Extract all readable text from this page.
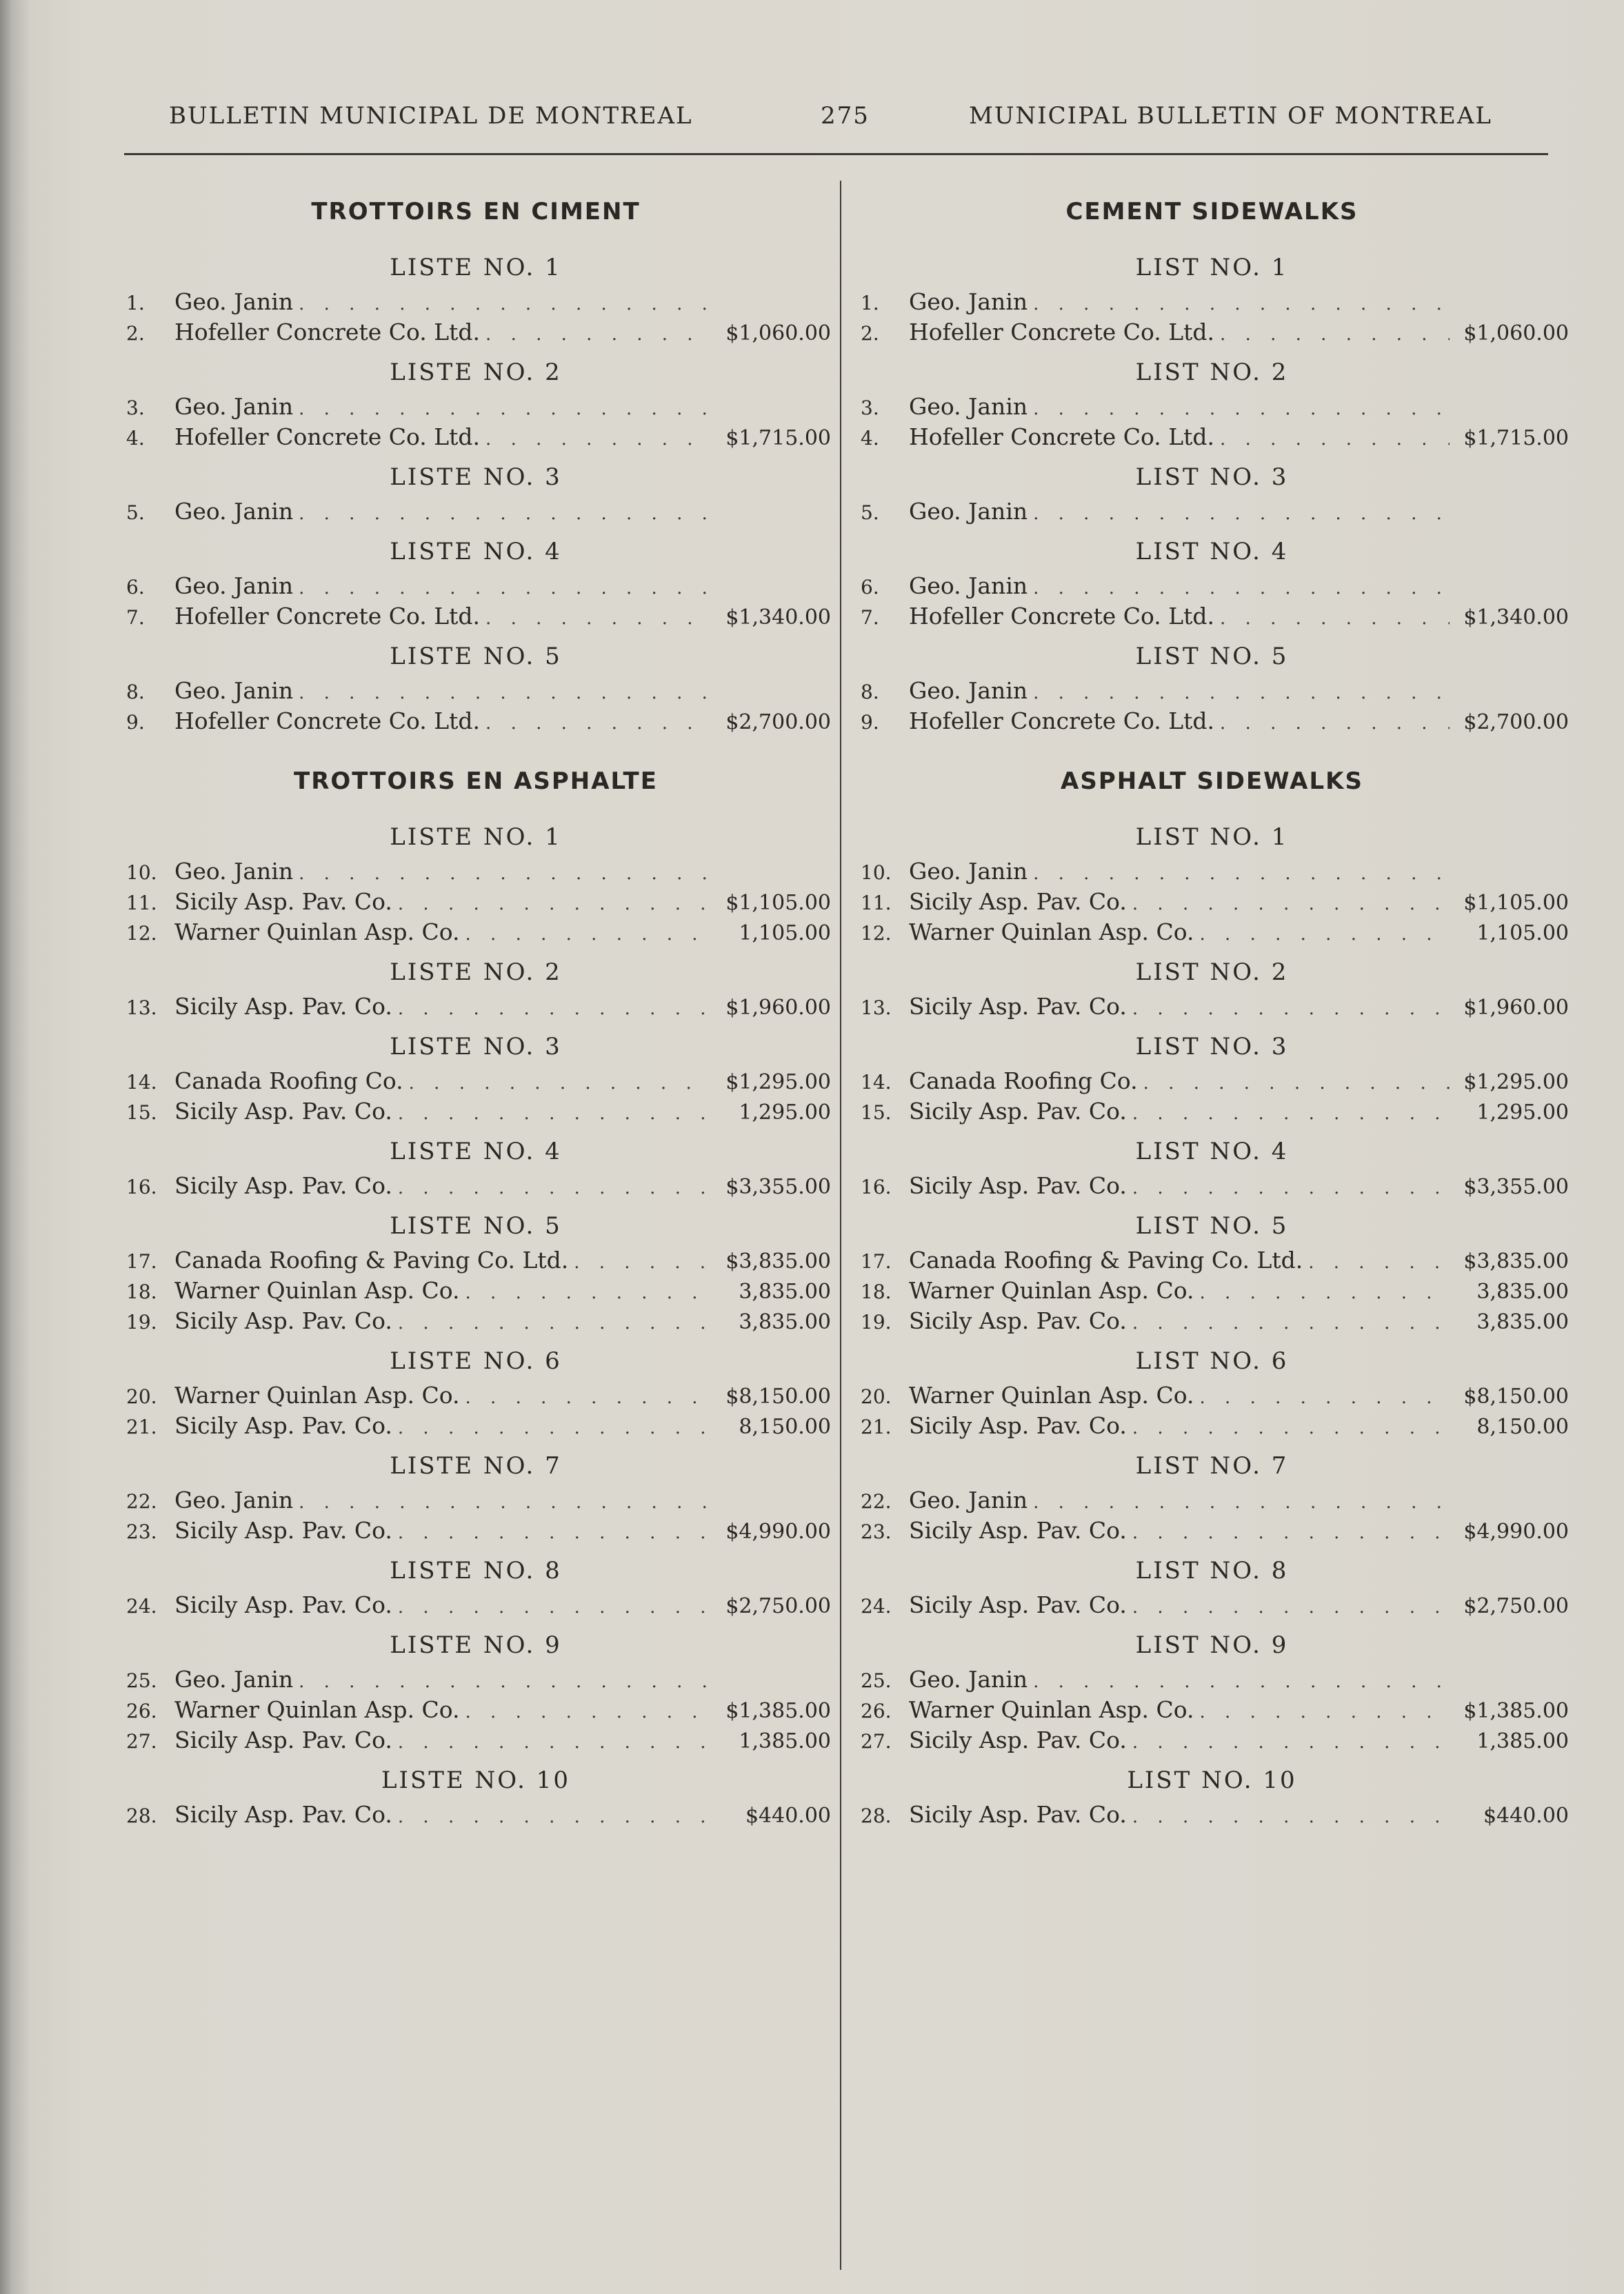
BULLETIN MUNICIPAL DE MONTREAL	275	MUNICIPAL BULLETIN OF MONTREAL
TROTTOIRS EN CIMENT
LISTE NO. 1
1.	Geo. Janin
. . .
2.	Hofeller Concrete Co. Ltd. . . .	$1,060.00
LISTE NO. 2
3.	Geo. Janin
. . .
4.	Hofeller Concrete Co. Ltd. . . .	$1,715.00
LISTE NO. 3
5.	Geo. Janin
. . .
LISTE NO. 4
6.	Geo. Janin
. . .
7.	Hofeller Concrete Co. Ltd. . . .	$1,340.00
LISTE NO. 5
8.	Geo. Janin
. . .
9.	Hofeller Concrete Co. Ltd. . . .	$2,700.00
TROTTOIRS EN ASPHALTE
LISTE NO. 1
10. Geo. Janin
. . .
11. Sicily Asp. Pav. Co. . . .	$1,105.00
12. Warner Quinlan Asp. Co. . . .	1,105.00
LISTE NO. 2
13. Sicily Asp. Pav. Co. . . .	$1,960.00
LISTE NO. 3
14. Canada Roofing Co. . . .	$1,295.00
15. Sicily Asp. Pav. Co. . . .	1,295.00
LISTE NO. 4
16. Sicily Asp. Pav. Co. . . .	$3,355.00
LISTE NO. 5
17. Canada Roofing & Paving Co. Ltd. . . .	$3,835.00
18. Warner Quinlan Asp. Co. . . .	3,835.00
19. Sicily Asp. Pav. Co. . . .	3,835.00
LISTE NO. 6
20. Warner Quinlan Asp. Co. . . .	$8,150.00
21. Sicily Asp. Pav. Co. . . .	8,150.00
LISTE NO. 7
22. Geo. Janin
. . .
23. Sicily Asp. Pav. Co. . . .	$4,990.00
LISTE NO. 8
24. Sicily Asp. Pav. Co. . . .	$2,750.00
LISTE NO. 9
25. Geo. Janin
. . .
26. Warner Quinlan Asp. Co. . . .	$1,385.00
27. Sicily Asp. Pav. Co. . . .	1,385.00
LISTE NO. 10
28. Sicily Asp. Pav. Co. . . .	$440.00
CEMENT SIDEWALKS
LIST NO. 1
1.	Geo. Janin
. . .
2.	Hofeller Concrete Co. Ltd. . . .	$1,060.00
LIST NO. 2
3.	Geo. Janin
. . .
4.	Hofeller Concrete Co. Ltd. . . .	$1,715.00
LIST NO. 3
5.	Geo. Janin
. . .
LIST NO. 4
6.	Geo. Janin
. . .
7.	Hofeller Concrete Co. Ltd. . . .	$1,340.00
LIST NO. 5
8.	Geo. Janin
. . .
9.	Hofeller Concrete Co. Ltd. . . .	$2,700.00
ASPHALT SIDEWALKS
LIST NO. 1
10. Geo. Janin
. . .
11. Sicily Asp. Pav. Co. . . .	$1,105.00
12. Warner Quinlan Asp. Co. . . .	1,105.00
LIST NO. 2
13. Sicily Asp. Pav. Co. . . .	$1,960.00
LIST NO. 3
14. Canada Roofing Co. . . .	$1,295.00
15. Sicily Asp. Pav. Co. . . .	1,295.00
LIST NO. 4
16. Sicily Asp. Pav. Co. . . .	$3,355.00
LIST NO. 5
17. Canada Roofing & Paving Co. Ltd. . . .	$3,835.00
18. Warner Quinlan Asp. Co. . . .	3,835.00
19. Sicily Asp. Pav. Co. . . .	3,835.00
LIST NO. 6
20. Warner Quinlan Asp. Co. . . .	$8,150.00
21. Sicily Asp. Pav. Co. . . .	8,150.00
LIST NO. 7
22. Geo. Janin
. . .
23. Sicily Asp. Pav. Co. . . .	$4,990.00
LIST NO. 8
24. Sicily Asp. Pav. Co. . . .	$2,750.00
LIST NO. 9
25. Geo. Janin
. . .
26. Warner Quinlan Asp. Co. . . .	$1,385.00
27. Sicily Asp. Pav. Co. . . .	1,385.00
LIST NO. 10
28. Sicily Asp. Pav. Co. . . .	$440.00
